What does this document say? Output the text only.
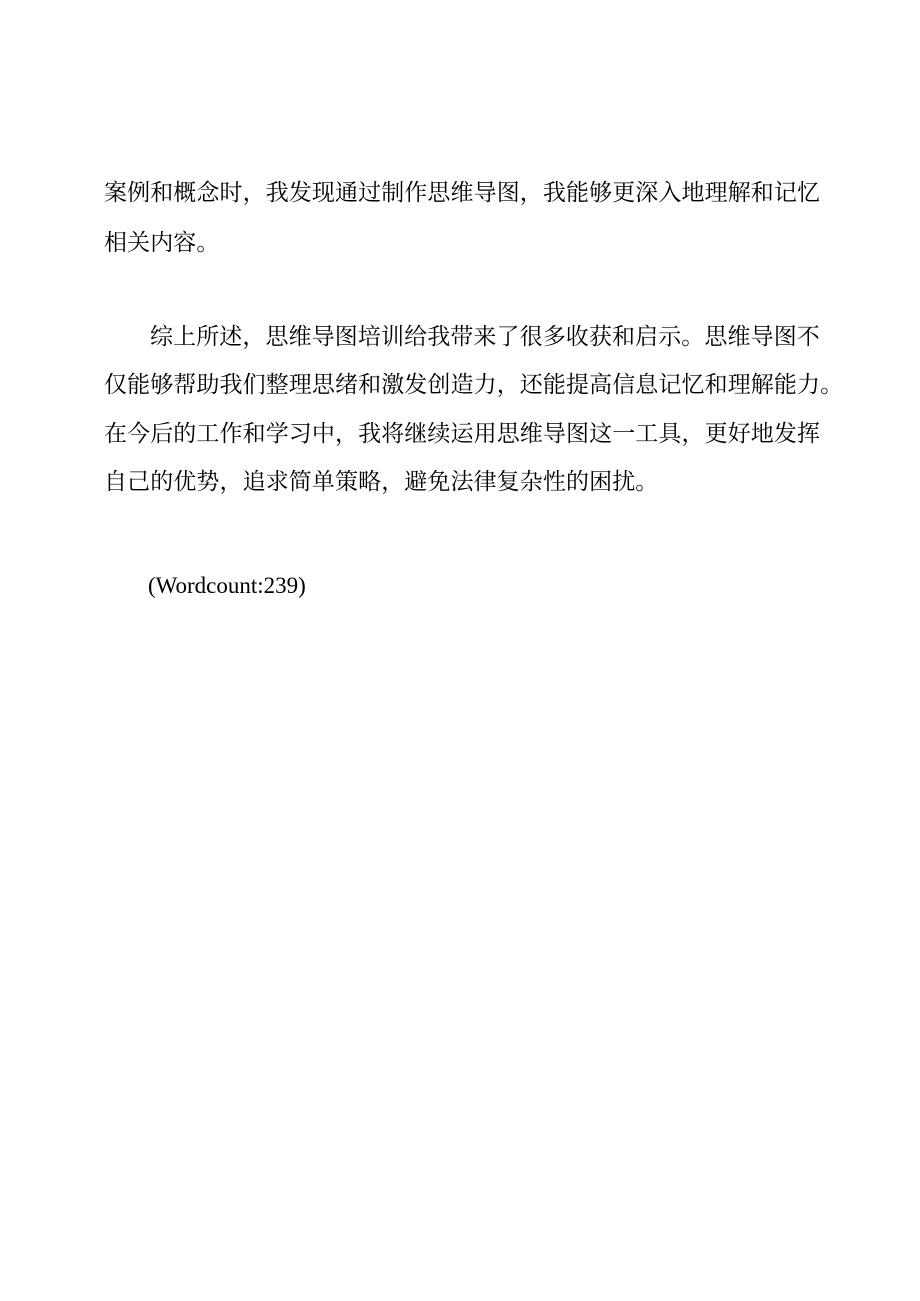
案例和概念时，我发现通过制作思维导图，我能够更深入地理解和记忆
相关内容。
综上所述，思维导图培训给我带来了很多收获和启示。思维导图不
仅能够帮助我们整理思绪和激发创造力，还能提高信息记忆和理解能力。
在今后的工作和学习中，我将继续运用思维导图这一工具，更好地发挥
自己的优势，追求简单策略，避免法律复杂性的困扰。
(Wordcount:239)
